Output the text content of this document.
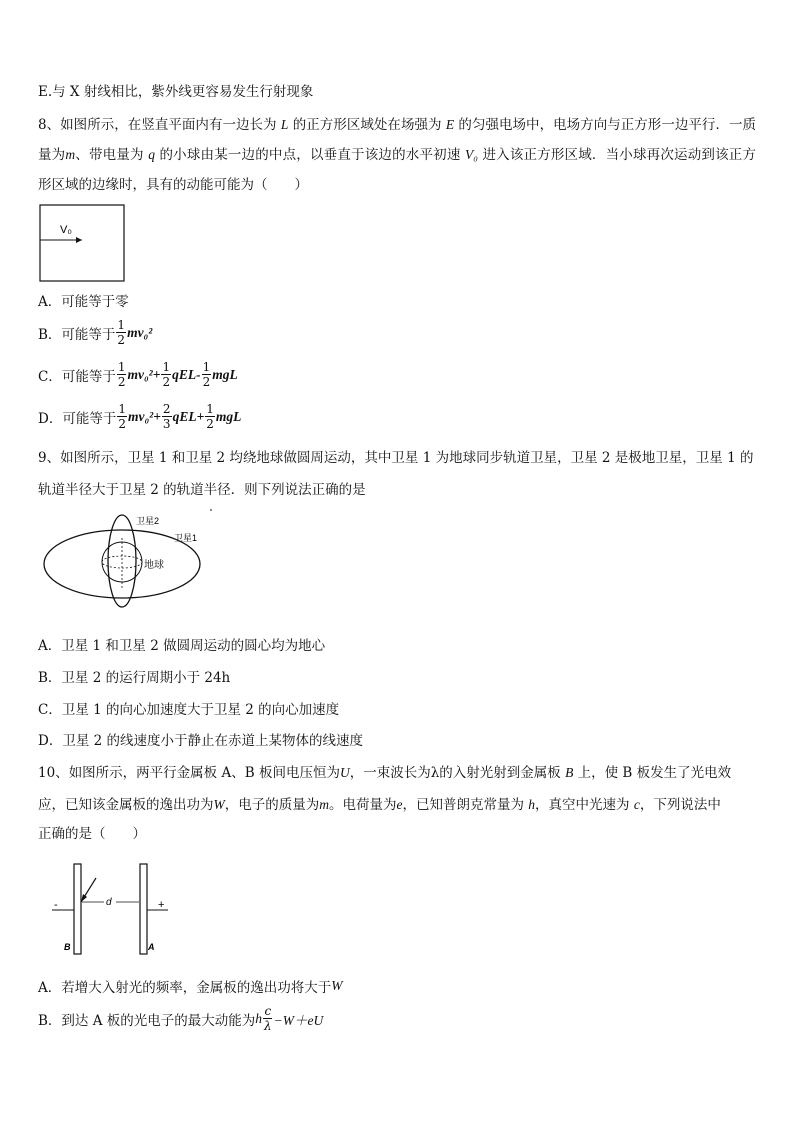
E.与 X 射线相比，紫外线更容易发生行射现象
8、如图所示，在竖直平面内有一边长为 L 的正方形区域处在场强为 E 的匀强电场中，电场方向与正方形一边平行．一质量为m、带电量为 q 的小球由某一边的中点，以垂直于该边的水平初速 V₀ 进入该正方形区域．当小球再次运动到该正方形区域的边缘时，具有的动能可能为（　　）
V₀
A．可能等于零
B．可能等于 $\frac{1}{2} mv_0^2$
C．可能等于 $\frac{1}{2} mv_0^2+ \frac{1}{2} qEL- \frac{1}{2}$ mgL
D．可能等于 $\frac{1}{2} mv_0^2+ \frac{2}{3} qEL+ \frac{1}{2}$ mgL
9、如图所示，卫星 1 和卫星 2 均绕地球做圆周运动，其中卫星 1 为地球同步轨道卫星，卫星 2 是极地卫星，卫星 1 的
轨道半径大于卫星 2 的轨道半径．则下列说法正确的是
卫星2
卫星1
地球
A．卫星 1 和卫星 2 做圆周运动的圆心均为地心
B．卫星 2 的运行周期小于 24h
C．卫星 1 的向心加速度大于卫星 2 的向心加速度
D．卫星 2 的线速度小于静止在赤道上某物体的线速度
10、如图所示，两平行金属板 A、B 板间电压恒为U，一束波长为λ的入射光射到金属板 B 上，使 B 板发生了光电效
应，已知该金属板的逸出功为W，电子的质量为m。电荷量为e，已知普朗克常量为 h，真空中光速为 c，下列说法中
正确的是（　　）
-	+
d
B	A
A．若增大入射光的频率，金属板的逸出功将大于 W
B．到达 A 板的光电子的最大动能为 h $\frac{c}{\lambda} -W+eU$
